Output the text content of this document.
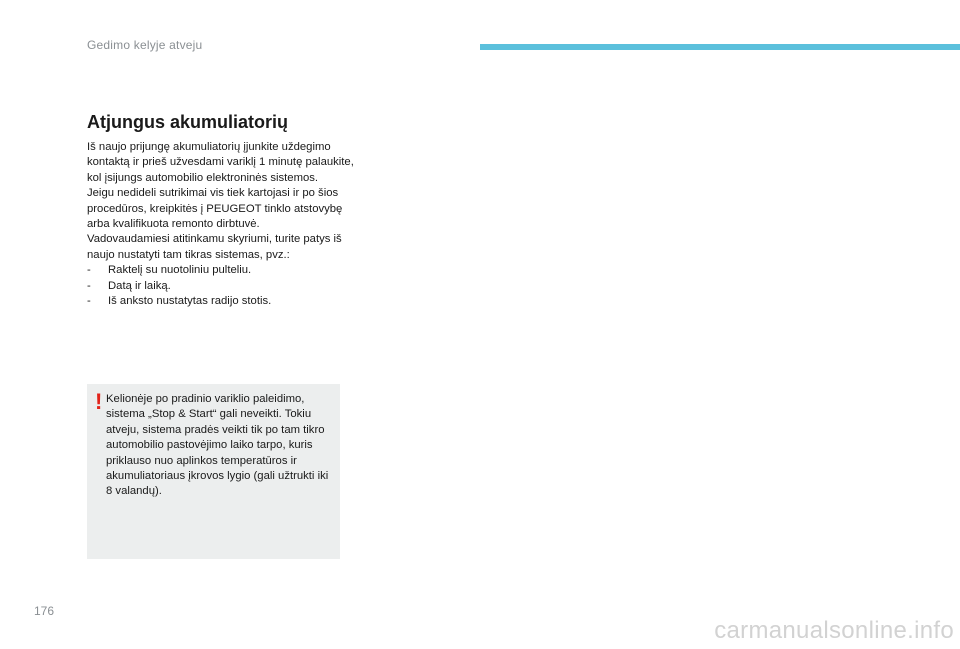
Gedimo kelyje atveju
Atjungus akumuliatorių

Iš naujo prijungę akumuliatorių įjunkite uždegimo kontaktą ir prieš užvesdami variklį 1 minutę palaukite, kol įsijungs automobilio elektroninės sistemos.

Jeigu nedideli sutrikimai vis tiek kartojasi ir po šios procedūros, kreipkitės į PEUGEOT tinklo atstovybę arba kvalifikuota remonto dirbtuvė.

Vadovaudamiesi atitinkamu skyriumi, turite patys iš naujo nustatyti tam tikras sistemas, pvz.:

- Raktelį su nuotoliniu pulteliu.
- Datą ir laiką.
- Iš anksto nustatytas radijo stotis.
! Kelionėje po pradinio variklio paleidimo, sistema „Stop & Start“ gali neveikti. Tokiu atveju, sistema pradės veikti tik po tam tikro automobilio pastovėjimo laiko tarpo, kuris priklauso nuo aplinkos temperatūros ir akumuliatoriaus įkrovos lygio (gali užtrukti iki 8 valandų).
176
carmanualsonline.info
